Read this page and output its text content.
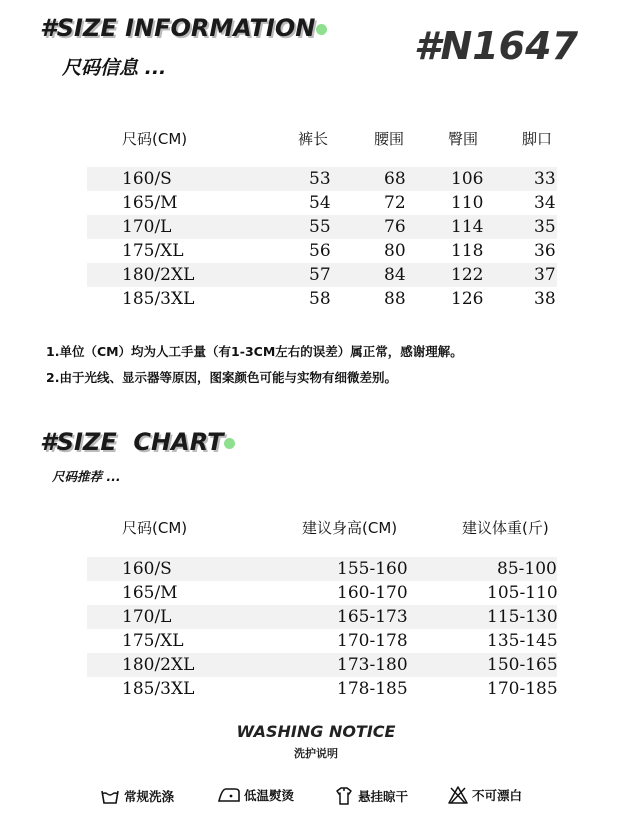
#SIZE INFORMATION
尺码信息 ...	#N1647
尺码(CM)	裤长	腰围	臀围	脚口
160/S	53	68	106	33
165/M	54	72	110	34
170/L	55	76	114	35
175/XL	56	80	118	36
180/2XL	57	84	122	37
185/3XL	58	88	126	38
1.单位（CM）均为人工手量（有1-3CM左右的误差）属正常，感谢理解。
2.由于光线、显示器等原因，图案颜色可能与实物有细微差别。
#SIZE  CHART
尺码推荐 ...
尺码(CM)	建议身高(CM)	建议体重(斤)
160/S	155-160	85-100
165/M	160-170	105-110
170/L	165-173	115-130
175/XL	170-178	135-145
180/2XL	173-180	150-165
185/3XL	178-185	170-185
WASHING NOTICE
洗护说明
常规洗涤	低温熨烫	悬挂晾干	不可漂白
